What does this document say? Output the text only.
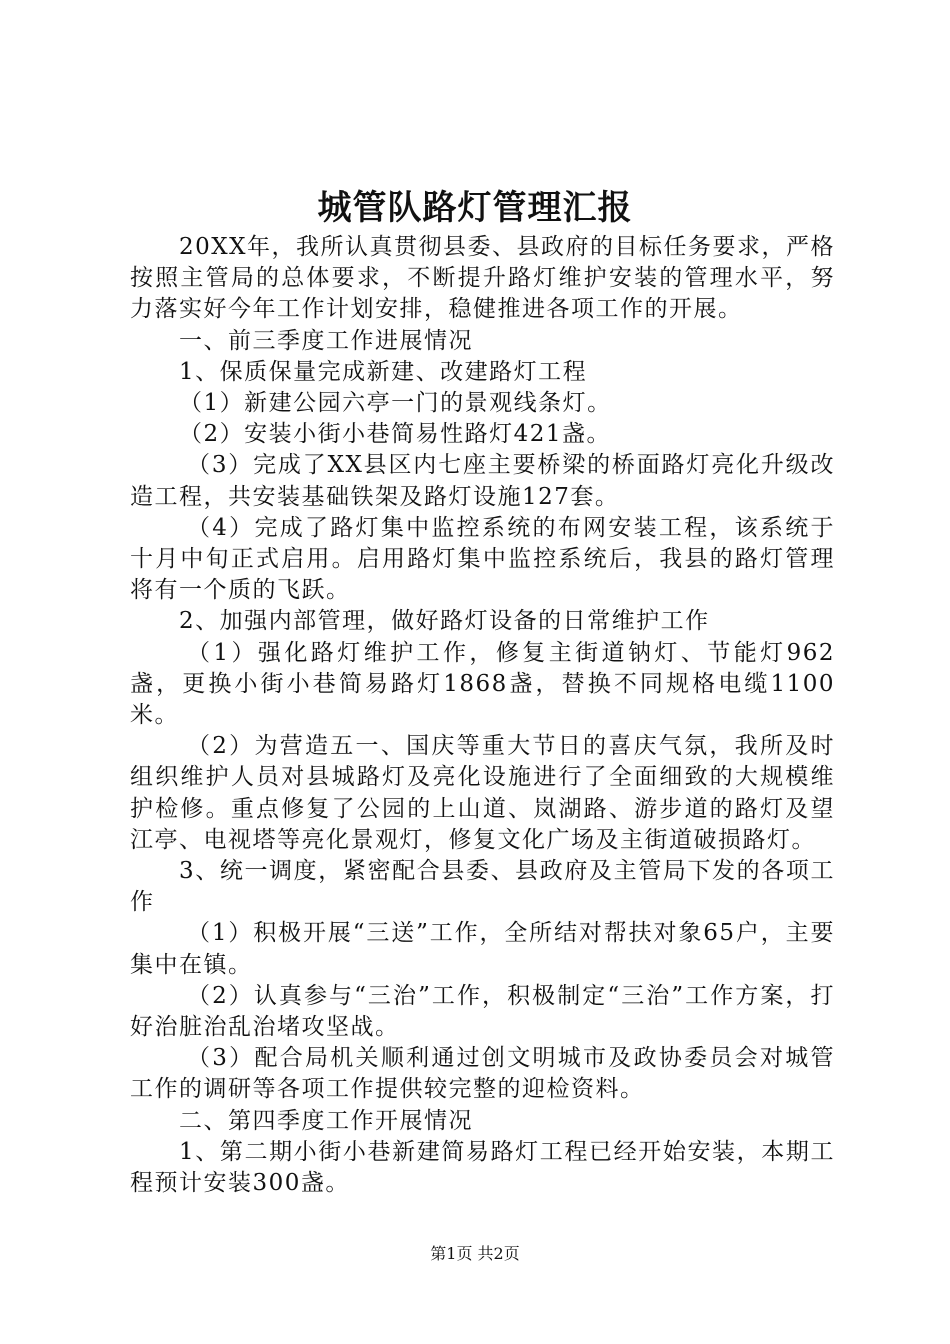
城管队路灯管理汇报

20XX年，我所认真贯彻县委、县政府的目标任务要求，严格按照主管局的总体要求，不断提升路灯维护安装的管理水平，努力落实好今年工作计划安排，稳健推进各项工作的开展。

一、前三季度工作进展情况

1、保质保量完成新建、改建路灯工程

（1）新建公园六亭一门的景观线条灯。

（2）安装小街小巷简易性路灯421盏。

（3）完成了XX县区内七座主要桥梁的桥面路灯亮化升级改造工程，共安装基础铁架及路灯设施127套。

（4）完成了路灯集中监控系统的布网安装工程，该系统于十月中旬正式启用。启用路灯集中监控系统后，我县的路灯管理将有一个质的飞跃。

2、加强内部管理，做好路灯设备的日常维护工作

（1）强化路灯维护工作，修复主街道钠灯、节能灯962盏，更换小街小巷简易路灯1868盏，替换不同规格电缆1100米。

（2）为营造五一、国庆等重大节日的喜庆气氛，我所及时组织维护人员对县城路灯及亮化设施进行了全面细致的大规模维护检修。重点修复了公园的上山道、岚湖路、游步道的路灯及望江亭、电视塔等亮化景观灯，修复文化广场及主街道破损路灯。

3、统一调度，紧密配合县委、县政府及主管局下发的各项工作

（1）积极开展“三送”工作，全所结对帮扶对象65户，主要集中在镇。

（2）认真参与“三治”工作，积极制定“三治”工作方案，打好治脏治乱治堵攻坚战。

（3）配合局机关顺利通过创文明城市及政协委员会对城管工作的调研等各项工作提供较完整的迎检资料。

二、第四季度工作开展情况

1、第二期小街小巷新建简易路灯工程已经开始安装，本期工程预计安装300盏。

第1页 共2页
